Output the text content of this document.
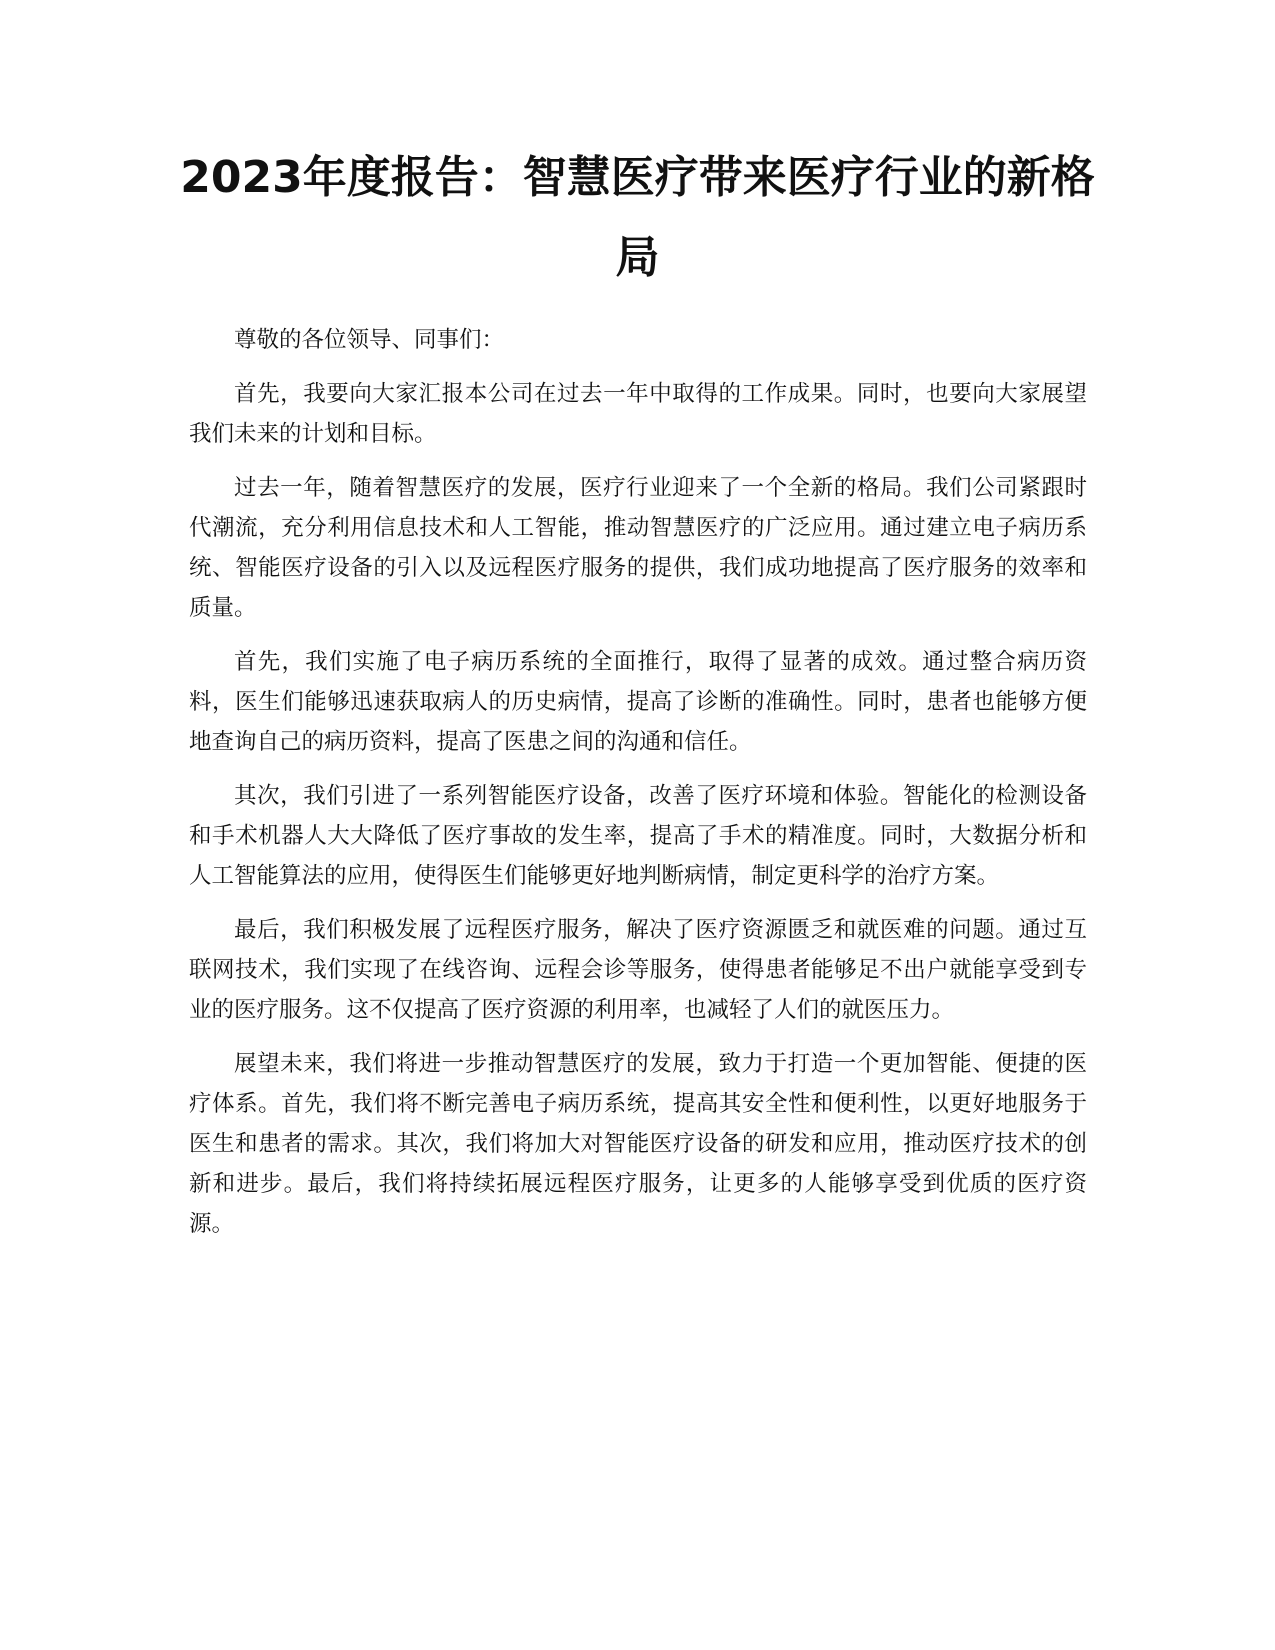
2023年度报告：智慧医疗带来医疗行业的新格局

尊敬的各位领导、同事们：

首先，我要向大家汇报本公司在过去一年中取得的工作成果。同时，也要向大家展望我们未来的计划和目标。

过去一年，随着智慧医疗的发展，医疗行业迎来了一个全新的格局。我们公司紧跟时代潮流，充分利用信息技术和人工智能，推动智慧医疗的广泛应用。通过建立电子病历系统、智能医疗设备的引入以及远程医疗服务的提供，我们成功地提高了医疗服务的效率和质量。

首先，我们实施了电子病历系统的全面推行，取得了显著的成效。通过整合病历资料，医生们能够迅速获取病人的历史病情，提高了诊断的准确性。同时，患者也能够方便地查询自己的病历资料，提高了医患之间的沟通和信任。

其次，我们引进了一系列智能医疗设备，改善了医疗环境和体验。智能化的检测设备和手术机器人大大降低了医疗事故的发生率，提高了手术的精准度。同时，大数据分析和人工智能算法的应用，使得医生们能够更好地判断病情，制定更科学的治疗方案。

最后，我们积极发展了远程医疗服务，解决了医疗资源匮乏和就医难的问题。通过互联网技术，我们实现了在线咨询、远程会诊等服务，使得患者能够足不出户就能享受到专业的医疗服务。这不仅提高了医疗资源的利用率，也减轻了人们的就医压力。

展望未来，我们将进一步推动智慧医疗的发展，致力于打造一个更加智能、便捷的医疗体系。首先，我们将不断完善电子病历系统，提高其安全性和便利性，以更好地服务于医生和患者的需求。其次，我们将加大对智能医疗设备的研发和应用，推动医疗技术的创新和进步。最后，我们将持续拓展远程医疗服务，让更多的人能够享受到优质的医疗资源。
